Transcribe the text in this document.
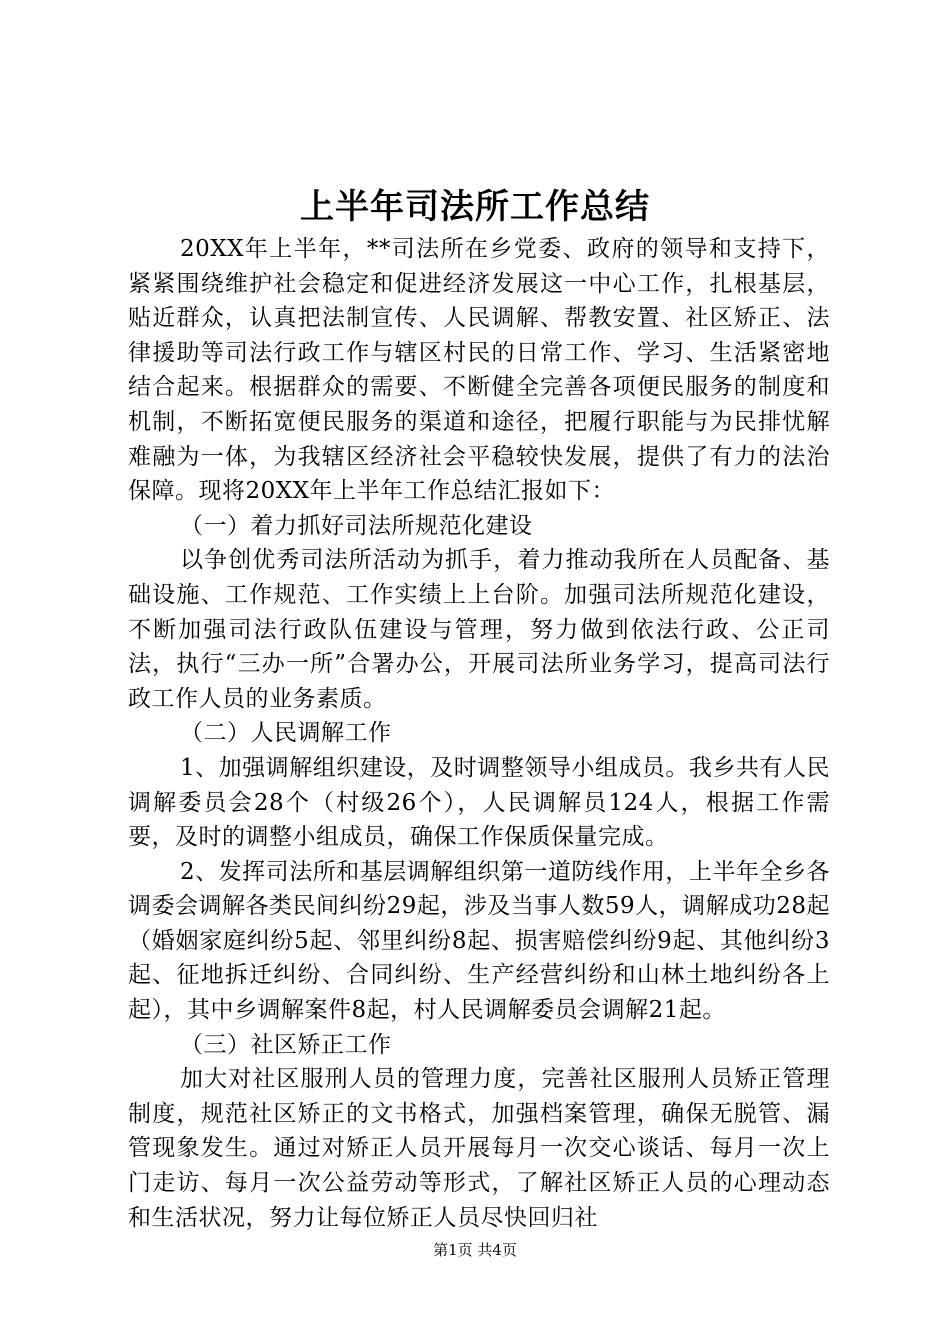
上半年司法所工作总结

20XX年上半年，**司法所在乡党委、政府的领导和支持下，紧紧围绕维护社会稳定和促进经济发展这一中心工作，扎根基层，贴近群众，认真把法制宣传、人民调解、帮教安置、社区矫正、法律援助等司法行政工作与辖区村民的日常工作、学习、生活紧密地结合起来。根据群众的需要、不断健全完善各项便民服务的制度和机制，不断拓宽便民服务的渠道和途径，把履行职能与为民排忧解难融为一体，为我辖区经济社会平稳较快发展，提供了有力的法治保障。现将20XX年上半年工作总结汇报如下：

（一）着力抓好司法所规范化建设

以争创优秀司法所活动为抓手，着力推动我所在人员配备、基础设施、工作规范、工作实绩上上台阶。加强司法所规范化建设，不断加强司法行政队伍建设与管理，努力做到依法行政、公正司法，执行“三办一所”合署办公，开展司法所业务学习，提高司法行政工作人员的业务素质。

（二）人民调解工作

1、加强调解组织建设，及时调整领导小组成员。我乡共有人民调解委员会28个（村级26个），人民调解员124人，根据工作需要，及时的调整小组成员，确保工作保质保量完成。

2、发挥司法所和基层调解组织第一道防线作用，上半年全乡各调委会调解各类民间纠纷29起，涉及当事人数59人，调解成功28起（婚姻家庭纠纷5起、邻里纠纷8起、损害赔偿纠纷9起、其他纠纷3起、征地拆迁纠纷、合同纠纷、生产经营纠纷和山林土地纠纷各上起），其中乡调解案件8起，村人民调解委员会调解21起。

（三）社区矫正工作

加大对社区服刑人员的管理力度，完善社区服刑人员矫正管理制度，规范社区矫正的文书格式，加强档案管理，确保无脱管、漏管现象发生。通过对矫正人员开展每月一次交心谈话、每月一次上门走访、每月一次公益劳动等形式，了解社区矫正人员的心理动态和生活状况，努力让每位矫正人员尽快回归社

第1页 共4页
